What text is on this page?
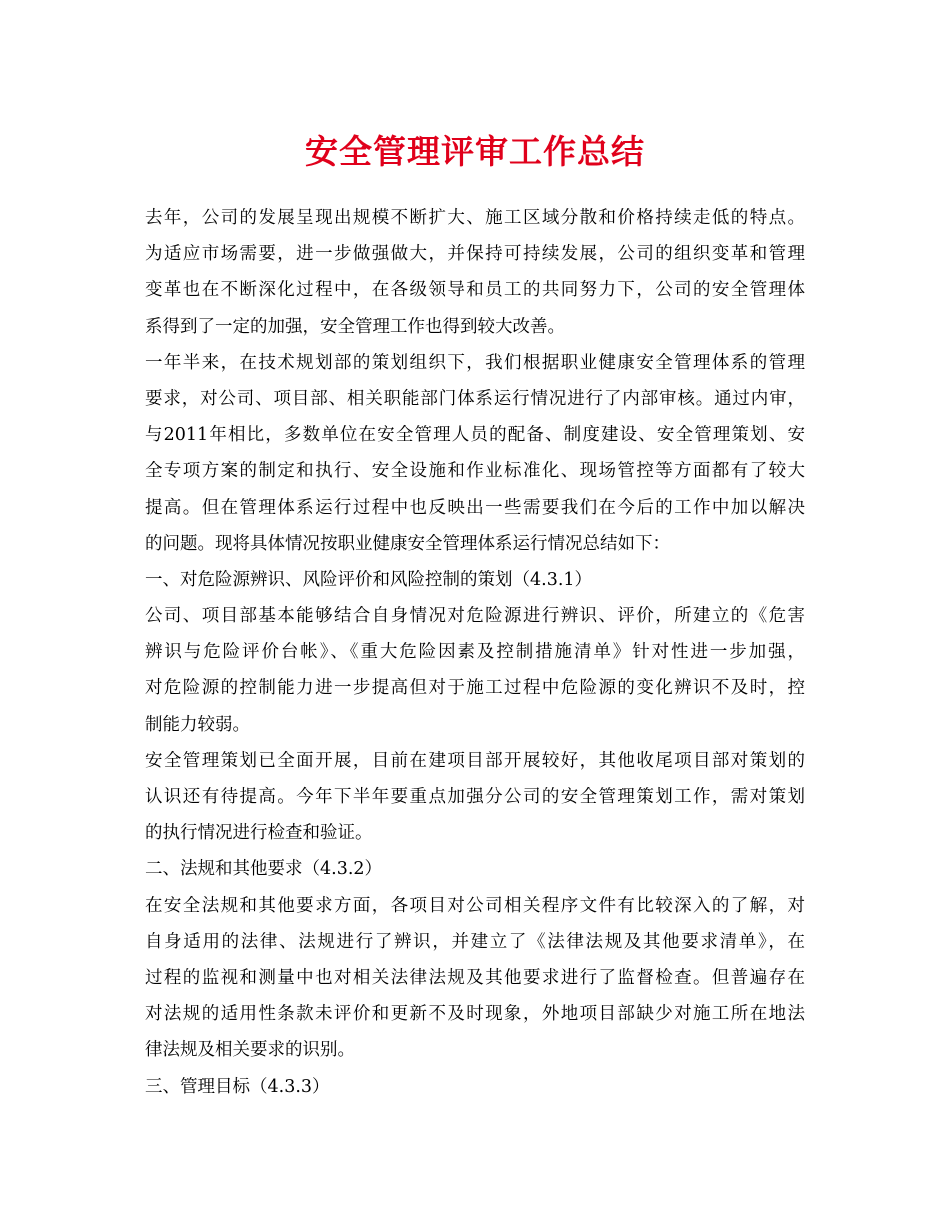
安全管理评审工作总结
去年，公司的发展呈现出规模不断扩大、施工区域分散和价格持续走低的特点。
为适应市场需要，进一步做强做大，并保持可持续发展，公司的组织变革和管理
变革也在不断深化过程中，在各级领导和员工的共同努力下，公司的安全管理体
系得到了一定的加强，安全管理工作也得到较大改善。
一年半来，在技术规划部的策划组织下，我们根据职业健康安全管理体系的管理
要求，对公司、项目部、相关职能部门体系运行情况进行了内部审核。通过内审，
与2011年相比，多数单位在安全管理人员的配备、制度建设、安全管理策划、安
全专项方案的制定和执行、安全设施和作业标准化、现场管控等方面都有了较大
提高。但在管理体系运行过程中也反映出一些需要我们在今后的工作中加以解决
的问题。现将具体情况按职业健康安全管理体系运行情况总结如下：
一、对危险源辨识、风险评价和风险控制的策划（4.3.1）
公司、项目部基本能够结合自身情况对危险源进行辨识、评价，所建立的《危害
辨识与危险评价台帐》、《重大危险因素及控制措施清单》针对性进一步加强，
对危险源的控制能力进一步提高但对于施工过程中危险源的变化辨识不及时，控
制能力较弱。
安全管理策划已全面开展，目前在建项目部开展较好，其他收尾项目部对策划的
认识还有待提高。今年下半年要重点加强分公司的安全管理策划工作，需对策划
的执行情况进行检查和验证。
二、法规和其他要求（4.3.2）
在安全法规和其他要求方面，各项目对公司相关程序文件有比较深入的了解，对
自身适用的法律、法规进行了辨识，并建立了《法律法规及其他要求清单》，在
过程的监视和测量中也对相关法律法规及其他要求进行了监督检查。但普遍存在
对法规的适用性条款未评价和更新不及时现象，外地项目部缺少对施工所在地法
律法规及相关要求的识别。
三、管理目标（4.3.3）
